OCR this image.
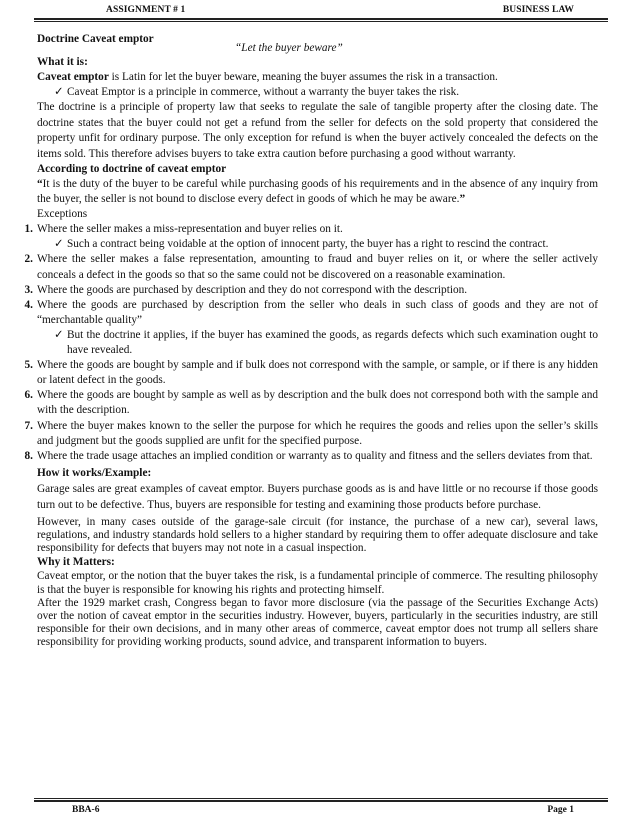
ASSIGNMENT # 1	BUSINESS LAW
Doctrine Caveat emptor
“Let the buyer beware”
What it is:
Caveat emptor is Latin for let the buyer beware, meaning the buyer assumes the risk in a transaction.
✓ Caveat Emptor is a principle in commerce, without a warranty the buyer takes the risk.
The doctrine is a principle of property law that seeks to regulate the sale of tangible property after the closing date. The doctrine states that the buyer could not get a refund from the seller for defects on the sold property that considered the property unfit for ordinary purpose. The only exception for refund is when the buyer actively concealed the defects on the items sold. This therefore advises buyers to take extra caution before purchasing a good without warranty.
According to doctrine of caveat emptor
“It is the duty of the buyer to be careful while purchasing goods of his requirements and in the absence of any inquiry from the buyer, the seller is not bound to disclose every defect in goods of which he may be aware.”
Exceptions
1. Where the seller makes a miss-representation and buyer relies on it.
✓ Such a contract being voidable at the option of innocent party, the buyer has a right to rescind the contract.
2. Where the seller makes a false representation, amounting to fraud and buyer relies on it, or where the seller actively conceals a defect in the goods so that so the same could not be discovered on a reasonable examination.
3. Where the goods are purchased by description and they do not correspond with the description.
4. Where the goods are purchased by description from the seller who deals in such class of goods and they are not of “merchantable quality”
✓ But the doctrine it applies, if the buyer has examined the goods, as regards defects which such examination ought to have revealed.
5. Where the goods are bought by sample and if bulk does not correspond with the sample, or sample, or if there is any hidden or latent defect in the goods.
6. Where the goods are bought by sample as well as by description and the bulk does not correspond both with the sample and with the description.
7. Where the buyer makes known to the seller the purpose for which he requires the goods and relies upon the seller’s skills and judgment but the goods supplied are unfit for the specified purpose.
8. Where the trade usage attaches an implied condition or warranty as to quality and fitness and the sellers deviates from that.
How it works/Example:
Garage sales are great examples of caveat emptor. Buyers purchase goods as is and have little or no recourse if those goods turn out to be defective. Thus, buyers are responsible for testing and examining those products before purchase.
However, in many cases outside of the garage-sale circuit (for instance, the purchase of a new car), several laws, regulations, and industry standards hold sellers to a higher standard by requiring them to offer adequate disclosure and take responsibility for defects that buyers may not note in a casual inspection.
Why it Matters:
Caveat emptor, or the notion that the buyer takes the risk, is a fundamental principle of commerce. The resulting philosophy is that the buyer is responsible for knowing his rights and protecting himself.
After the 1929 market crash, Congress began to favor more disclosure (via the passage of the Securities Exchange Acts) over the notion of caveat emptor in the securities industry. However, buyers, particularly in the securities industry, are still responsible for their own decisions, and in many other areas of commerce, caveat emptor does not trump all sellers share responsibility for providing working products, sound advice, and transparent information to buyers.
BBA-6	Page 1
